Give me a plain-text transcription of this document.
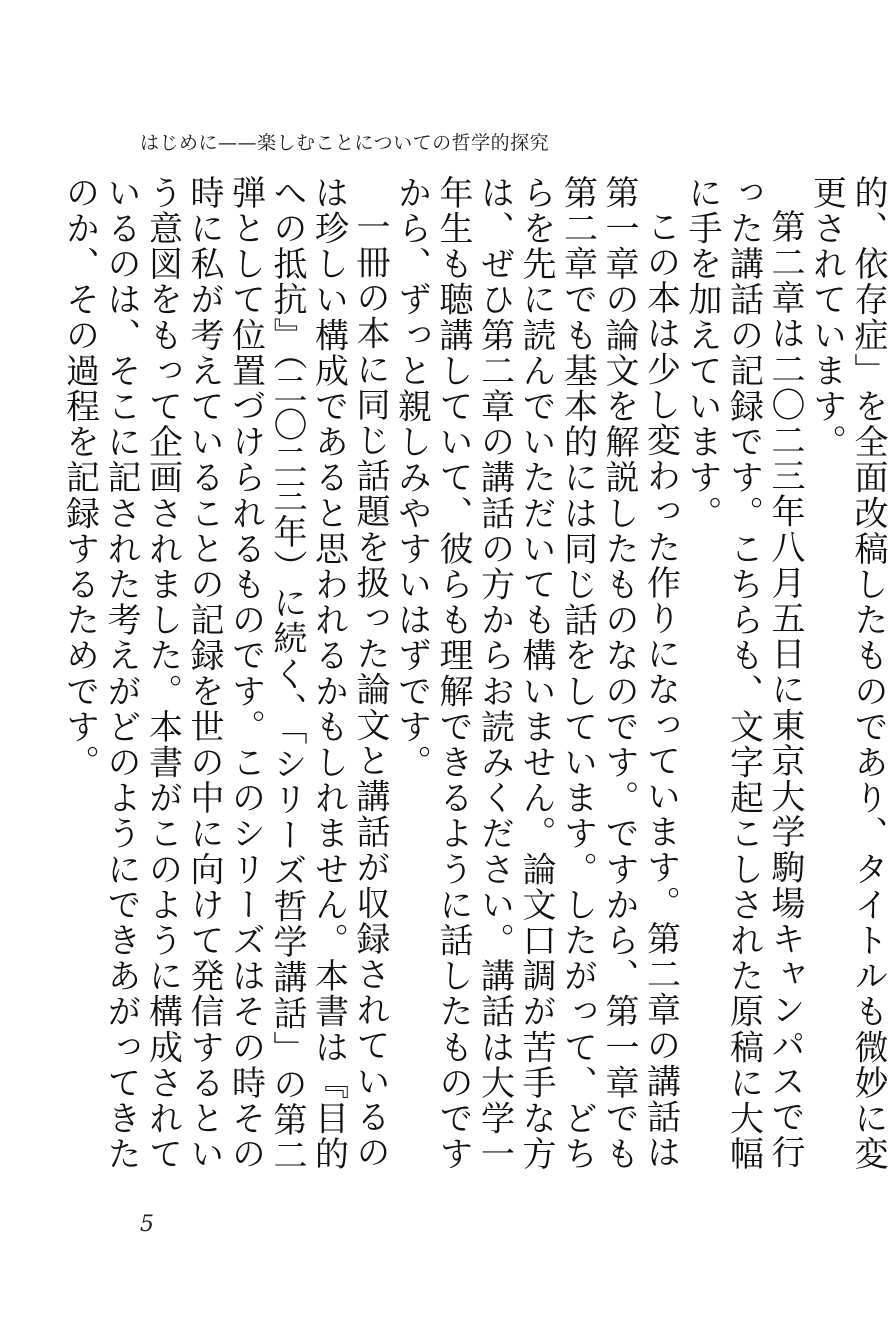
はじめに——楽しむことについての哲学的探究

的、依存症」を全面改稿したものであり、タイトルも微妙に変更されています。

第二章は二〇二三年八月五日に東京大学駒場キャンパスで行った講話の記録です。こちらも、文字起こしされた原稿に大幅に手を加えています。

この本は少し変わった作りになっています。第二章の講話は第一章の論文を解説したものなのです。ですから、第一章でも第二章でも基本的には同じ話をしています。したがって、どちらを先に読んでいただいても構いません。論文口調が苦手な方は、ぜひ第二章の講話の方からお読みください。講話は大学一年生も聴講していて、彼らも理解できるように話したものですから、ずっと親しみやすいはずです。

一冊の本に同じ話題を扱った論文と講話が収録されているのは珍しい構成であると思われるかもしれません。本書は『目的への抵抗』（二〇二三年）に続く、「シリーズ哲学講話」の第二弾として位置づけられるものです。このシリーズはその時その時に私が考えていることの記録を世の中に向けて発信するという意図をもって企画されました。本書がこのように構成されているのは、そこに記された考えがどのようにできあがってきたのか、その過程を記録するためです。

5
